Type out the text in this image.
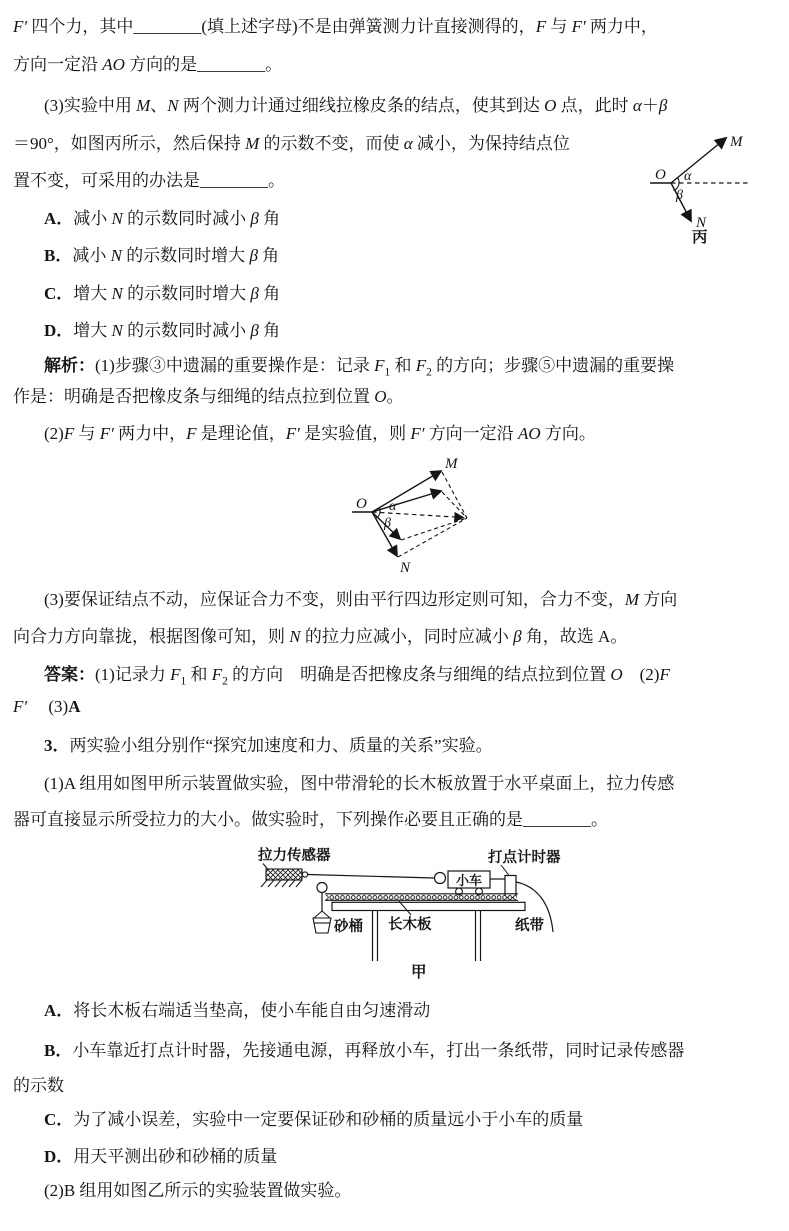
F′ 四个力，其中________(填上述字母)不是由弹簧测力计直接测得的，F 与 F′ 两力中，
方向一定沿 AO 方向的是________。
(3)实验中用 M、N 两个测力计通过细线拉橡皮条的结点，使其到达 O 点，此时 α＋β
＝90°，如图丙所示，然后保持 M 的示数不变，而使 α 减小，为保持结点位
置不变，可采用的办法是________。
A．减小 N 的示数同时减小 β 角
B．减小 N 的示数同时增大 β 角
C．增大 N 的示数同时增大 β 角
D．增大 N 的示数同时减小 β 角
解析：(1)步骤③中遗漏的重要操作是：记录 $F_1$ 和 $F_2$ 的方向；步骤⑤中遗漏的重要操
作是：明确是否把橡皮条与细绳的结点拉到位置 O。
(2)F 与 F′ 两力中，F 是理论值，F′ 是实验值，则 F′ 方向一定沿 AO 方向。
(3)要保证结点不动，应保证合力不变，则由平行四边形定则可知，合力不变，M 方向
向合力方向靠拢，根据图像可知，则 N 的拉力应减小，同时应减小 β 角，故选 A。
答案：(1)记录力 $F_1$ 和 $F_2$ 的方向　明确是否把橡皮条与细绳的结点拉到位置 O　(2)F
F′　 (3)A
3．两实验小组分别作“探究加速度和力、质量的关系”实验。
(1)A 组用如图甲所示装置做实验，图中带滑轮的长木板放置于水平桌面上，拉力传感
器可直接显示所受拉力的大小。做实验时，下列操作必要且正确的是________。
A．将长木板右端适当垫高，使小车能自由匀速滑动
B．小车靠近打点计时器，先接通电源，再释放小车，打出一条纸带，同时记录传感器
的示数
C．为了减小误差，实验中一定要保证砂和砂桶的质量远小于小车的质量
D．用天平测出砂和砂桶的质量
(2)B 组用如图乙所示的实验装置做实验。
O
M
N
α
β
丙
O
M
N
α
β
拉力传感器
小车
打点计时器
纸带
砂桶 长木板
甲
